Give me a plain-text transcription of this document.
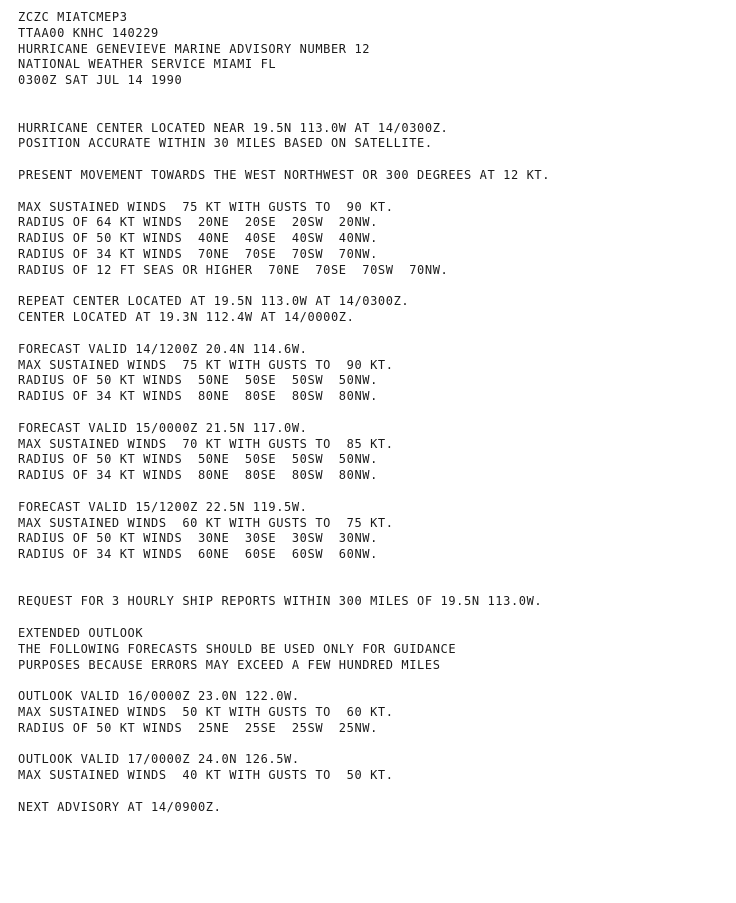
ZCZC MIATCMEP3
TTAA00 KNHC 140229
HURRICANE GENEVIEVE MARINE ADVISORY NUMBER 12
NATIONAL WEATHER SERVICE MIAMI FL
0300Z SAT JUL 14 1990
HURRICANE CENTER LOCATED NEAR 19.5N 113.0W AT 14/0300Z.
POSITION ACCURATE WITHIN 30 MILES BASED ON SATELLITE.
PRESENT MOVEMENT TOWARDS THE WEST NORTHWEST OR 300 DEGREES AT 12 KT.
MAX SUSTAINED WINDS  75 KT WITH GUSTS TO  90 KT.
RADIUS OF 64 KT WINDS  20NE  20SE  20SW  20NW.
RADIUS OF 50 KT WINDS  40NE  40SE  40SW  40NW.
RADIUS OF 34 KT WINDS  70NE  70SE  70SW  70NW.
RADIUS OF 12 FT SEAS OR HIGHER  70NE  70SE  70SW  70NW.
REPEAT CENTER LOCATED AT 19.5N 113.0W AT 14/0300Z.
CENTER LOCATED AT 19.3N 112.4W AT 14/0000Z.
FORECAST VALID 14/1200Z 20.4N 114.6W.
MAX SUSTAINED WINDS  75 KT WITH GUSTS TO  90 KT.
RADIUS OF 50 KT WINDS  50NE  50SE  50SW  50NW.
RADIUS OF 34 KT WINDS  80NE  80SE  80SW  80NW.
FORECAST VALID 15/0000Z 21.5N 117.0W.
MAX SUSTAINED WINDS  70 KT WITH GUSTS TO  85 KT.
RADIUS OF 50 KT WINDS  50NE  50SE  50SW  50NW.
RADIUS OF 34 KT WINDS  80NE  80SE  80SW  80NW.
FORECAST VALID 15/1200Z 22.5N 119.5W.
MAX SUSTAINED WINDS  60 KT WITH GUSTS TO  75 KT.
RADIUS OF 50 KT WINDS  30NE  30SE  30SW  30NW.
RADIUS OF 34 KT WINDS  60NE  60SE  60SW  60NW.
REQUEST FOR 3 HOURLY SHIP REPORTS WITHIN 300 MILES OF 19.5N 113.0W.
EXTENDED OUTLOOK
THE FOLLOWING FORECASTS SHOULD BE USED ONLY FOR GUIDANCE
PURPOSES BECAUSE ERRORS MAY EXCEED A FEW HUNDRED MILES
OUTLOOK VALID 16/0000Z 23.0N 122.0W.
MAX SUSTAINED WINDS  50 KT WITH GUSTS TO  60 KT.
RADIUS OF 50 KT WINDS  25NE  25SE  25SW  25NW.
OUTLOOK VALID 17/0000Z 24.0N 126.5W.
MAX SUSTAINED WINDS  40 KT WITH GUSTS TO  50 KT.
NEXT ADVISORY AT 14/0900Z.
